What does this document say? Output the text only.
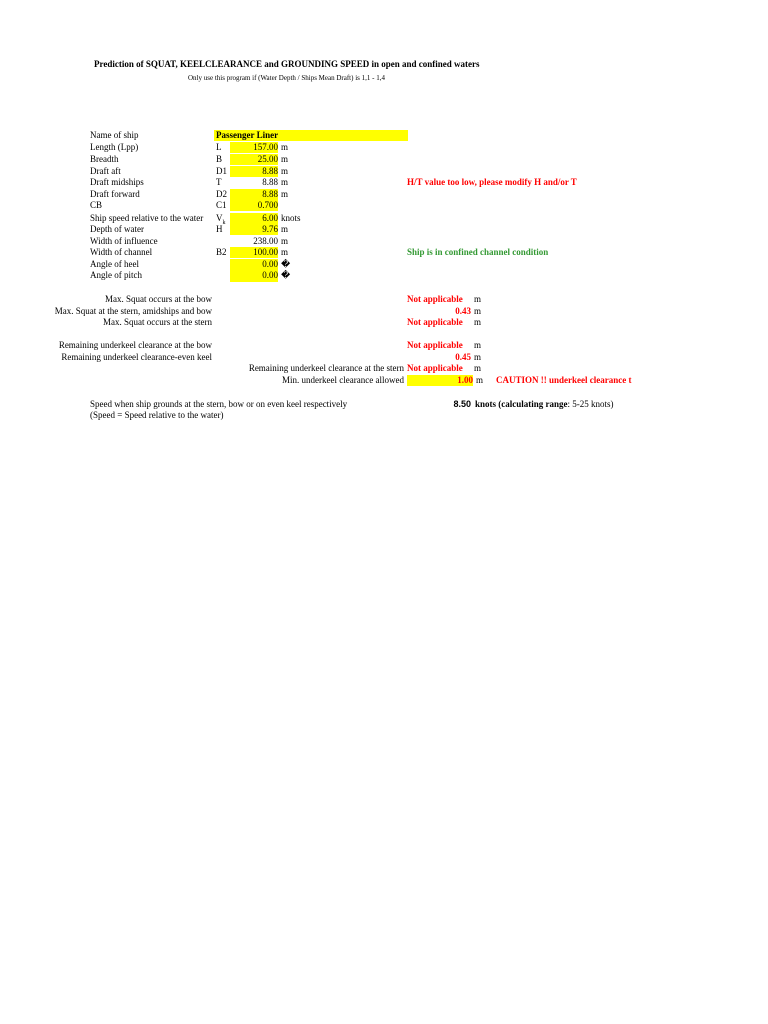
Prediction of SQUAT, KEELCLEARANCE and GROUNDING SPEED in open and confined waters
Only use this program if (Water Depth / Ships Mean Draft) is 1,1 - 1,4
Name of ship	Passenger Liner
Length (Lpp)	L	157.00 m
Breadth	B	25.00 m
Draft aft	D1	8.88 m
Draft midships	T	8.88 m
Draft forward	D2	8.88 m
CB	C1	0.700
Ship speed relative to the water $V_k$	6.00 knots
Depth of water	H	9.76 m
Width of influence	238.00 m
Width of channel	B2	100.00 m
Angle of heel	0.00 �
Angle of pitch	0.00 �
H/T value too low, please modify H and/or T
Ship is in confined channel condition
Max. Squat occurs at the bow	Not applicable m
Max. Squat at the stern, amidships and bow	0.43 m
Max. Squat occurs at the stern	Not applicable m
Remaining underkeel clearance at the bow	Not applicable m
Remaining underkeel clearance-even keel	0.45 m
Remaining underkeel clearance at the stern Not applicable m
Min. underkeel clearance allowed	1.00 m CAUTION !! underkeel clearance t
Speed when ship grounds at the stern, bow or on even keel respectively
(Speed = Speed relative to the water)
8.50 knots (calculating range: 5-25 knots)
